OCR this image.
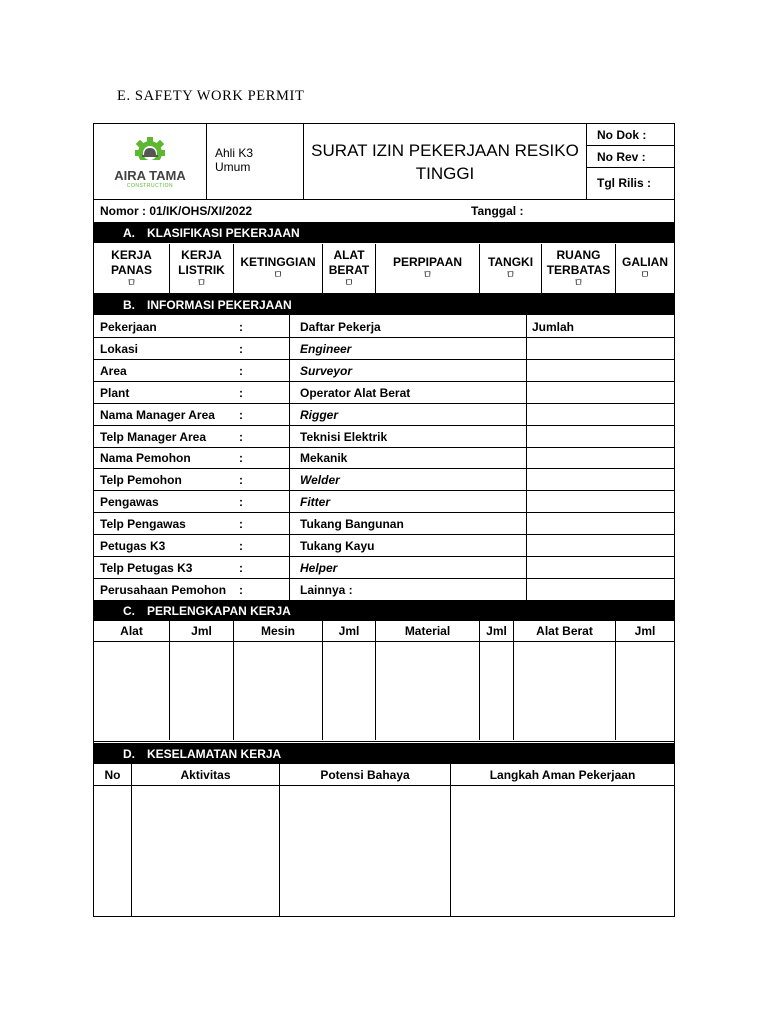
E. SAFETY WORK PERMIT
AIRA TAMA
CONSTRUCTION
Ahli K3 Umum
SURAT IZIN PEKERJAAN RESIKO TINGGI
No Dok :
No Rev :
Tgl Rilis :
Nomor : 01/IK/OHS/XI/2022	Tanggal :
A.	KLASIFIKASI PEKERJAAN
KERJA
PANAS
ㅁ
KERJA
LISTRIK
ㅁ
KETINGGIAN
ㅁ
ALAT
BERAT
ㅁ
PERPIPAAN
ㅁ
TANGKI
ㅁ
RUANG
TERBATAS
ㅁ
GALIAN
ㅁ
B.	INFORMASI PEKERJAAN
Pekerjaan	:	Daftar Pekerja	Jumlah
Lokasi	:	Engineer
Area	:	Surveyor
Plant	:	Operator Alat Berat
Nama Manager Area :	Rigger
Telp Manager Area	:	Teknisi Elektrik
Nama Pemohon	:	Mekanik
Telp Pemohon	:	Welder
Pengawas	:	Fitter
Telp Pengawas	:	Tukang Bangunan
Petugas K3	:	Tukang Kayu
Telp Petugas K3	:	Helper
Perusahaan Pemohon :	Lainnya :
C.	PERLENGKAPAN KERJA
Alat	Jml	Mesin	Jml	Material	Jml	Alat Berat	Jml
D.	KESELAMATAN KERJA
No	Aktivitas	Potensi Bahaya	Langkah Aman Pekerjaan
